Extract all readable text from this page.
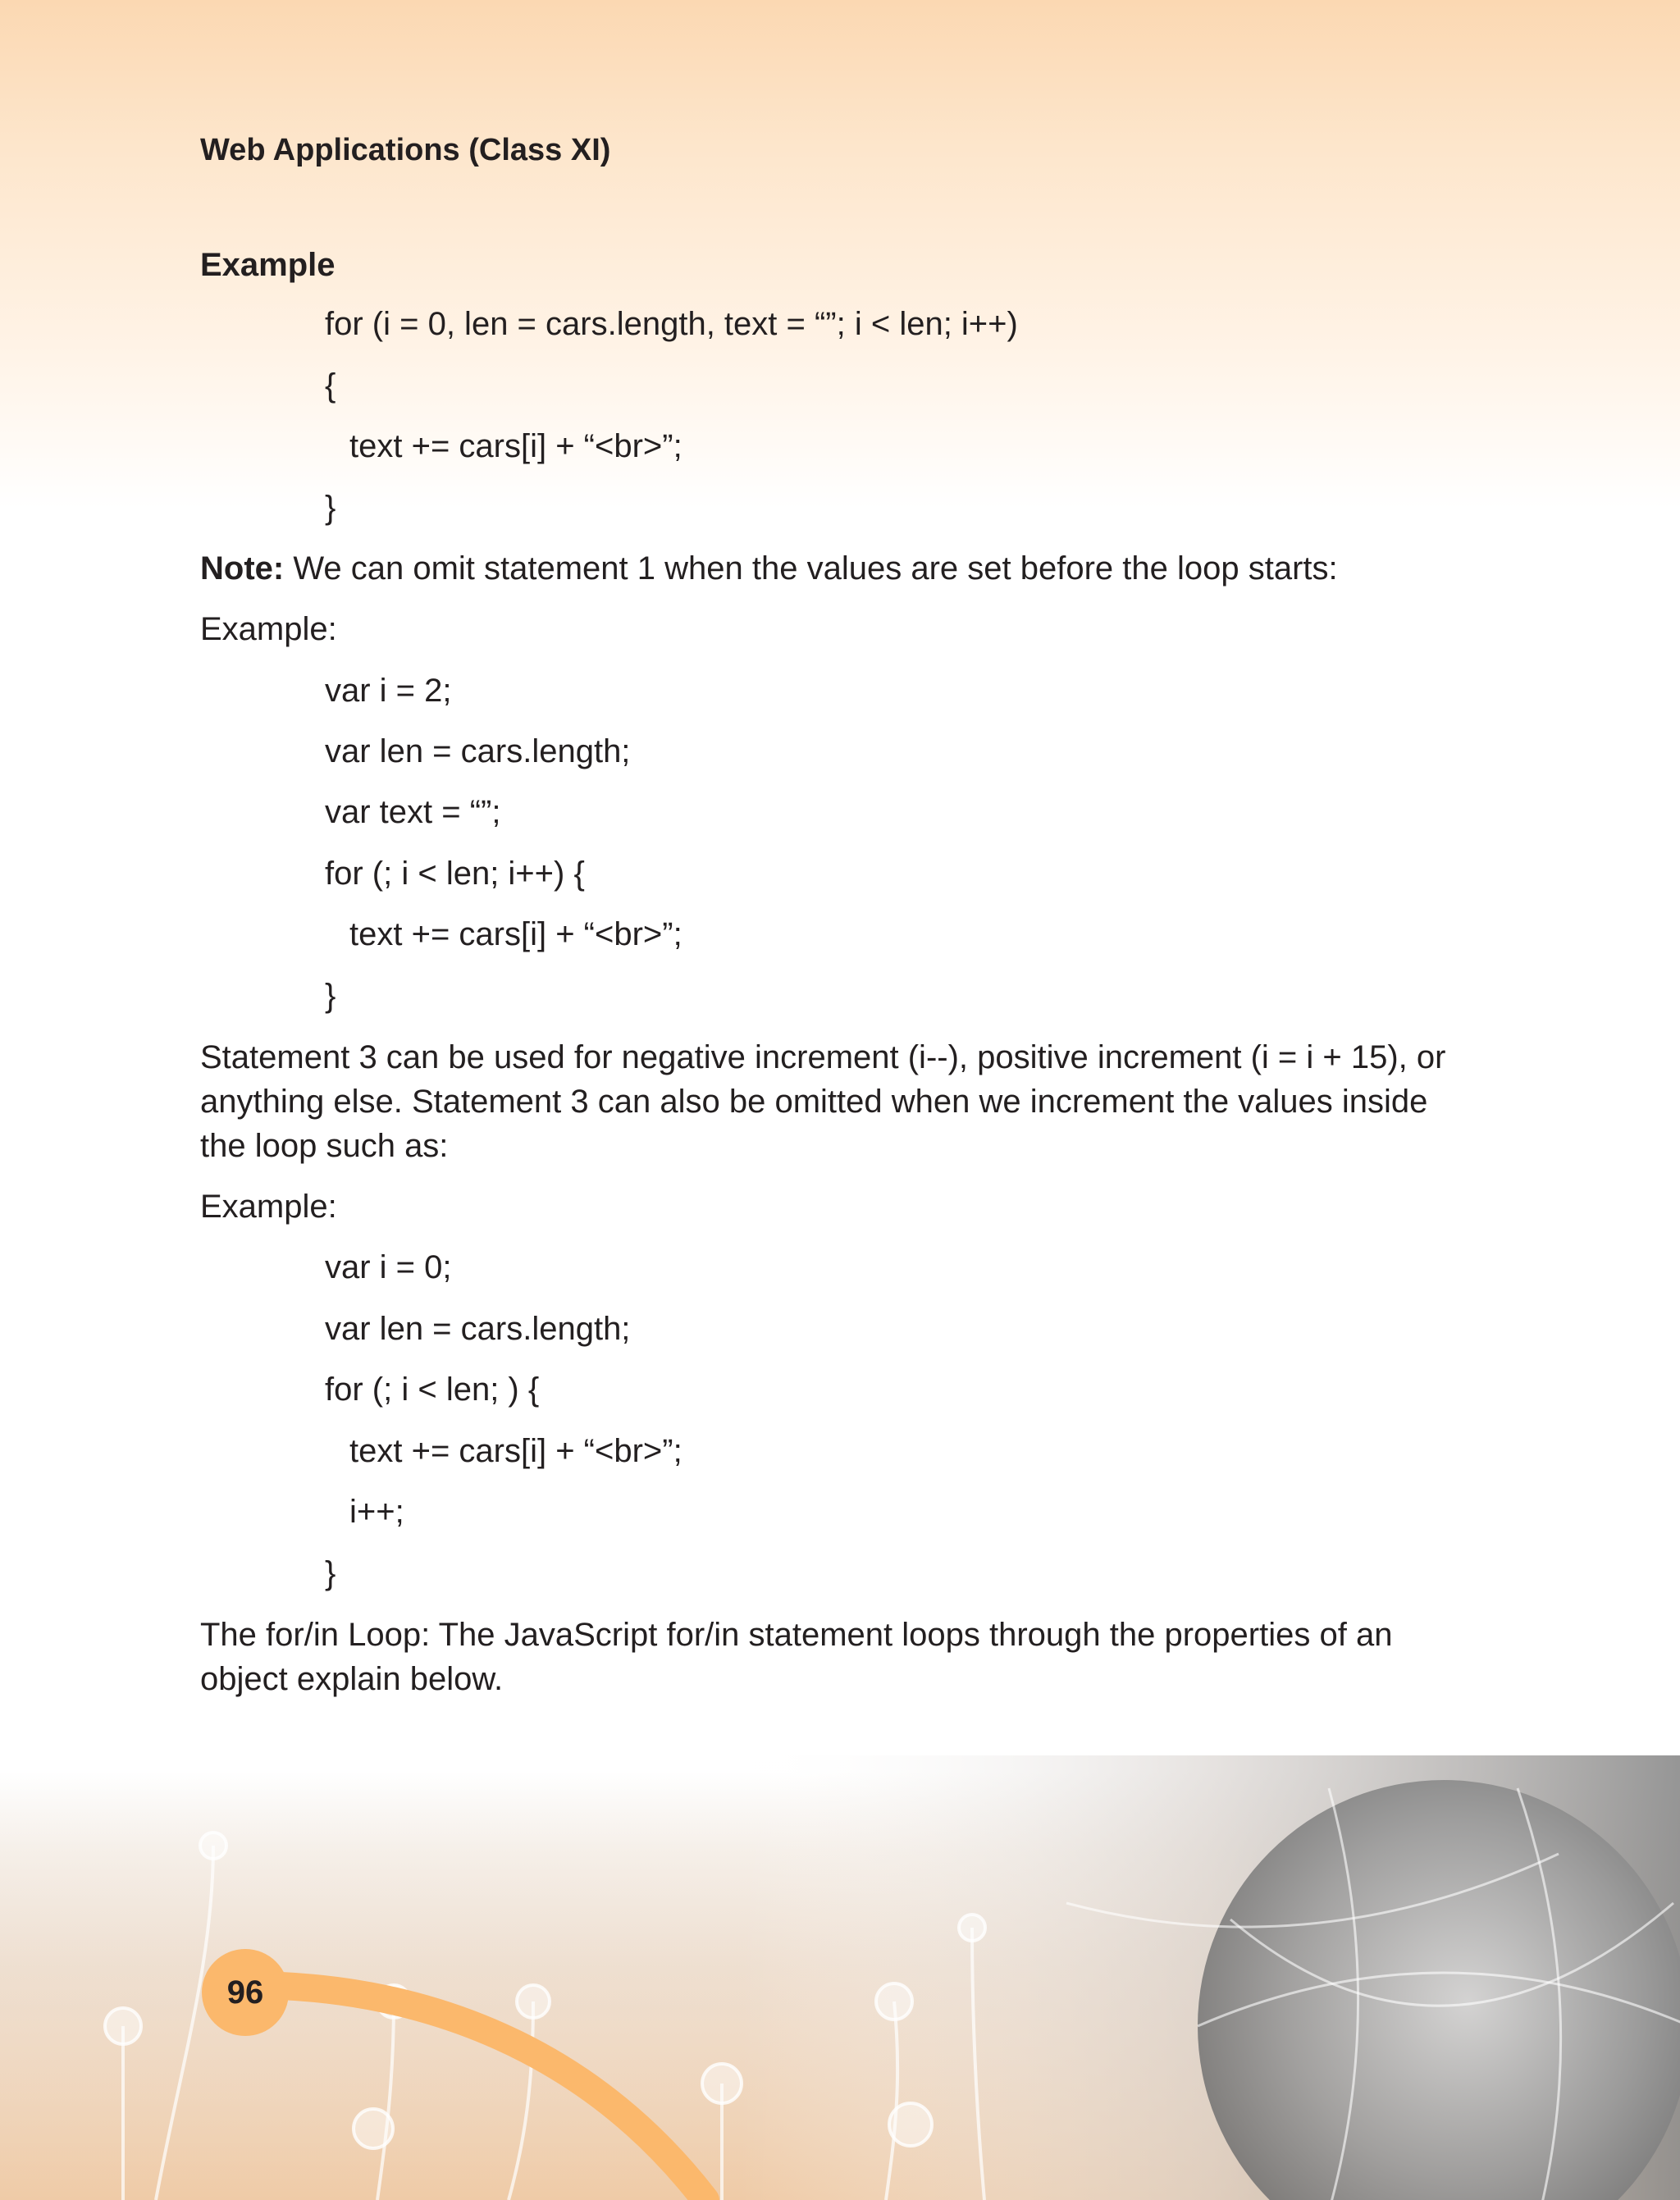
Web Applications (Class XI)

Example

for (i = 0, len = cars.length, text = “”; i < len; i++)

{

text += cars[i] + “<br>”;

}

Note: We can omit statement 1 when the values are set before the loop starts:

Example:

var i = 2;

var len = cars.length;

var text = “”;

for (; i < len; i++) {

text += cars[i] + “<br>”;

}

Statement 3 can be used for negative increment (i--), positive increment (i = i + 15), or

anything else. Statement 3 can also be omitted when we increment the values inside

the loop such as:

Example:

var i = 0;

var len = cars.length;

for (; i < len; ) {

text += cars[i] + “<br>”;

i++;

}

The for/in Loop: The JavaScript for/in statement loops through the properties of an

object explain below.

96
